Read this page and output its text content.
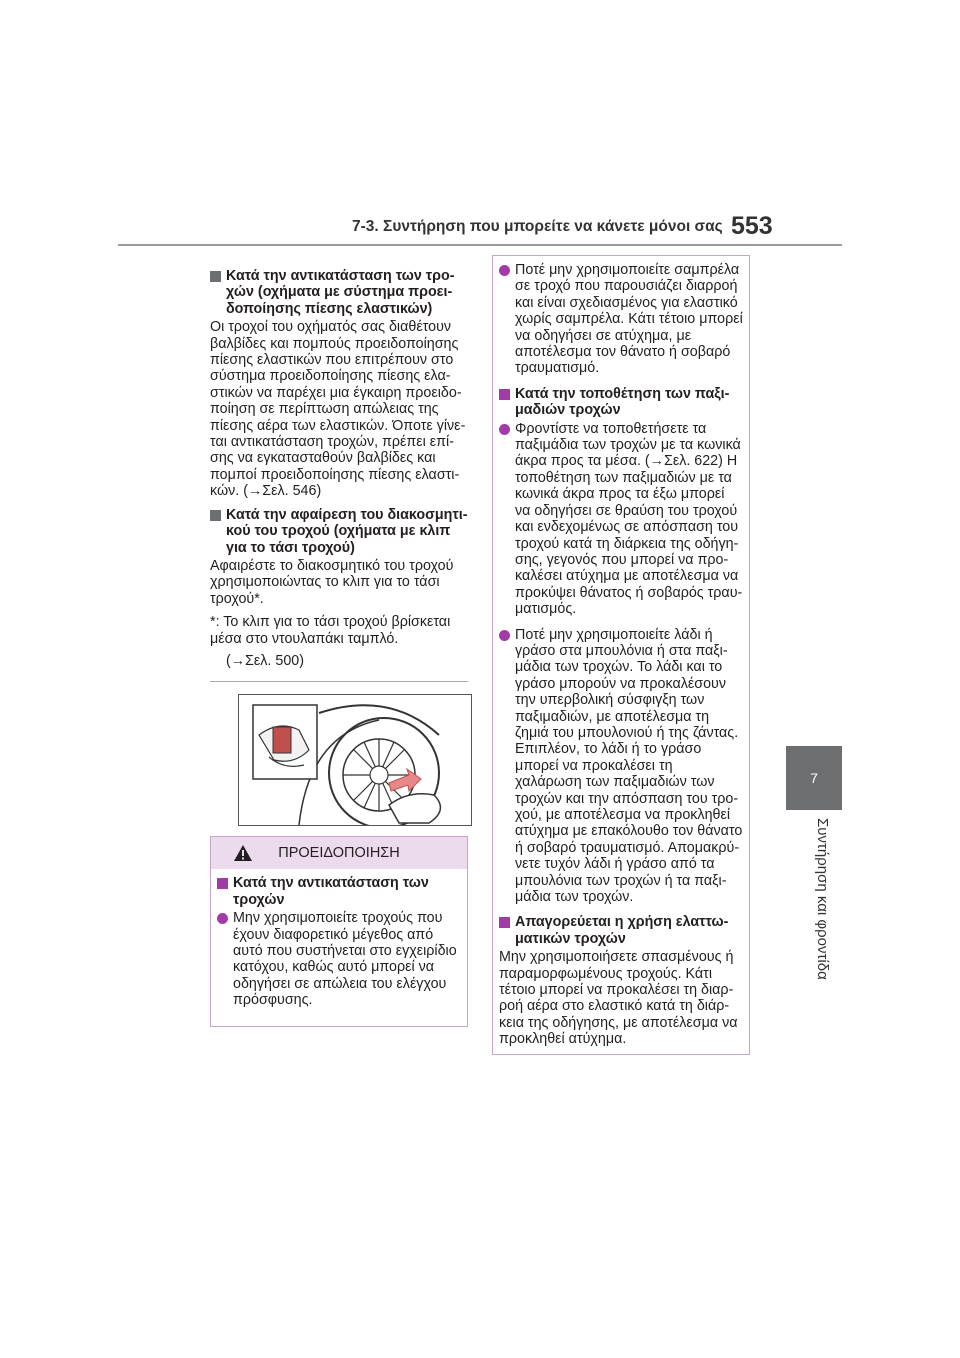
7-3. Συντήρηση που μπορείτε να κάνετε μόνοι σας 553
7
Συντήρηση και φροντίδα
Κατά την αντικατάσταση των τροχών (οχήματα με σύστημα προειδοποίησης πίεσης ελαστικών)

Οι τροχοί του οχήματός σας διαθέτουν βαλβίδες και πομπούς προειδοποίησης πίεσης ελαστικών που επιτρέπουν στο σύστημα προειδοποίησης πίεσης ελαστικών να παρέχει μια έγκαιρη προειδοποίηση σε περίπτωση απώλειας της πίεσης αέρα των ελαστικών. Όποτε γίνεται αντικατάσταση τροχών, πρέπει επίσης να εγκατασταθούν βαλβίδες και πομποί προειδοποίησης πίεσης ελαστικών. (→Σελ. 546)

Κατά την αφαίρεση του διακοσμητικού του τροχού (οχήματα με κλιπ για το τάσι τροχού)

Αφαιρέστε το διακοσμητικό του τροχού χρησιμοποιώντας το κλιπ για το τάσι τροχού*.

*: Το κλιπ για το τάσι τροχού βρίσκεται μέσα στο ντουλαπάκι ταμπλό.
(→Σελ. 500)
ΠΡΟΕΙΔΟΠΟΙΗΣΗ
Κατά την αντικατάσταση των τροχών
Μην χρησιμοποιείτε τροχούς που έχουν διαφορετικό μέγεθος από αυτό που συστήνεται στο εγχειρίδιο κατόχου, καθώς αυτό μπορεί να οδηγήσει σε απώλεια του ελέγχου πρόσφυσης.
Ποτέ μην χρησιμοποιείτε σαμπρέλα σε τροχό που παρουσιάζει διαρροή και είναι σχεδιασμένος για ελαστικό χωρίς σαμπρέλα. Κάτι τέτοιο μπορεί να οδηγήσει σε ατύχημα, με αποτέλεσμα τον θάνατο ή σοβαρό τραυματισμό.
Κατά την τοποθέτηση των παξιμαδιών τροχών
Φροντίστε να τοποθετήσετε τα παξιμάδια των τροχών με τα κωνικά άκρα προς τα μέσα. (→Σελ. 622) Η τοποθέτηση των παξιμαδιών με τα κωνικά άκρα προς τα έξω μπορεί να οδηγήσει σε θραύση του τροχού και ενδεχομένως σε απόσπαση του τροχού κατά τη διάρκεια της οδήγησης, γεγονός που μπορεί να προκαλέσει ατύχημα με αποτέλεσμα να προκύψει θάνατος ή σοβαρός τραυματισμός.
Ποτέ μην χρησιμοποιείτε λάδι ή γράσο στα μπουλόνια ή στα παξιμάδια των τροχών. Το λάδι και το γράσο μπορούν να προκαλέσουν την υπερβολική σύσφιγξη των παξιμαδιών, με αποτέλεσμα τη ζημιά του μπουλονιού ή της ζάντας. Επιπλέον, το λάδι ή το γράσο μπορεί να προκαλέσει τη χαλάρωση των παξιμαδιών των τροχών και την απόσπαση του τροχού, με αποτέλεσμα να προκληθεί ατύχημα με επακόλουθο τον θάνατο ή σοβαρό τραυματισμό. Απομακρύνετε τυχόν λάδι ή γράσο από τα μπουλόνια των τροχών ή τα παξιμάδια των τροχών.
Απαγορεύεται η χρήση ελαττωματικών τροχών

Μην χρησιμοποιήσετε σπασμένους ή παραμορφωμένους τροχούς. Κάτι τέτοιο μπορεί να προκαλέσει τη διαρροή αέρα στο ελαστικό κατά τη διάρκεια της οδήγησης, με αποτέλεσμα να προκληθεί ατύχημα.
